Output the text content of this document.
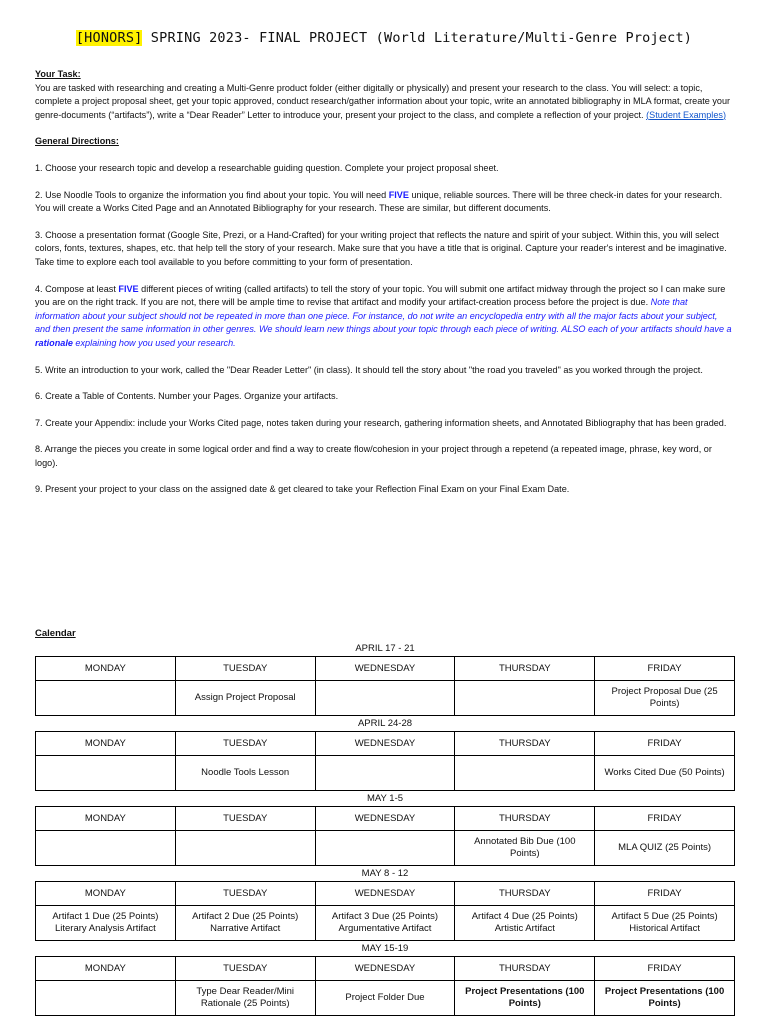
[HONORS] SPRING 2023- FINAL PROJECT (World Literature/Multi-Genre Project)

Your Task:

You are tasked with researching and creating a Multi-Genre product folder (either digitally or physically) and present your research to the class. You will select: a topic, complete a project proposal sheet, get your topic approved, conduct research/gather information about your topic, write an annotated bibliography in MLA format, create your genre-documents (“artifacts”), write a “Dear Reader” Letter to introduce your, present your project to the class, and complete a reflection of your project. (Student Examples)

General Directions:

1. Choose your research topic and develop a researchable guiding question. Complete your project proposal sheet.

2. Use Noodle Tools to organize the information you find about your topic. You will need FIVE unique, reliable sources. There will be three check-in dates for your research. You will create a Works Cited Page and an Annotated Bibliography for your research. These are similar, but different documents.

3. Choose a presentation format (Google Site, Prezi, or a Hand-Crafted) for your writing project that reflects the nature and spirit of your subject. Within this, you will select colors, fonts, textures, shapes, etc. that help tell the story of your research. Make sure that you have a title that is original. Capture your reader's interest and be imaginative. Take time to explore each tool available to you before committing to your form of presentation.

4. Compose at least FIVE different pieces of writing (called artifacts) to tell the story of your topic. You will submit one artifact midway through the project so I can make sure you are on the right track. If you are not, there will be ample time to revise that artifact and modify your artifact-creation process before the project is due. Note that information about your subject should not be repeated in more than one piece. For instance, do not write an encyclopedia entry with all the major facts about your subject, and then present the same information in other genres. We should learn new things about your topic through each piece of writing. ALSO each of your artifacts should have a rationale explaining how you used your research.

5. Write an introduction to your work, called the "Dear Reader Letter" (in class). It should tell the story about "the road you traveled" as you worked through the project.

6. Create a Table of Contents. Number your Pages. Organize your artifacts.

7. Create your Appendix: include your Works Cited page, notes taken during your research, gathering information sheets, and Annotated Bibliography that has been graded.

8. Arrange the pieces you create in some logical order and find a way to create flow/cohesion in your project through a repetend (a repeated image, phrase, key word, or logo).

9. Present your project to your class on the assigned date & get cleared to take your Reflection Final Exam on your Final Exam Date.

Calendar
APRIL 17 - 21
MONDAY	TUESDAY	WEDNESDAY	THURSDAY	FRIDAY
	Assign Project Proposal			Project Proposal Due (25 Points)
APRIL 24-28
MONDAY	TUESDAY	WEDNESDAY	THURSDAY	FRIDAY
	Noodle Tools Lesson			Works Cited Due (50 Points)
MAY 1-5
MONDAY	TUESDAY	WEDNESDAY	THURSDAY	FRIDAY
			Annotated Bib Due (100 Points)	MLA QUIZ (25 Points)
MAY 8 - 12
MONDAY	TUESDAY	WEDNESDAY	THURSDAY	FRIDAY
Artifact 1 Due (25 Points) Literary Analysis Artifact	Artifact 2 Due (25 Points) Narrative Artifact	Artifact 3 Due (25 Points) Argumentative Artifact	Artifact 4 Due (25 Points) Artistic Artifact	Artifact 5 Due (25 Points) Historical Artifact
MAY 15-19
MONDAY	TUESDAY	WEDNESDAY	THURSDAY	FRIDAY
	Type Dear Reader/Mini Rationale (25 Points)	Project Folder Due	Project Presentations (100 Points)	Project Presentations (100 Points)
